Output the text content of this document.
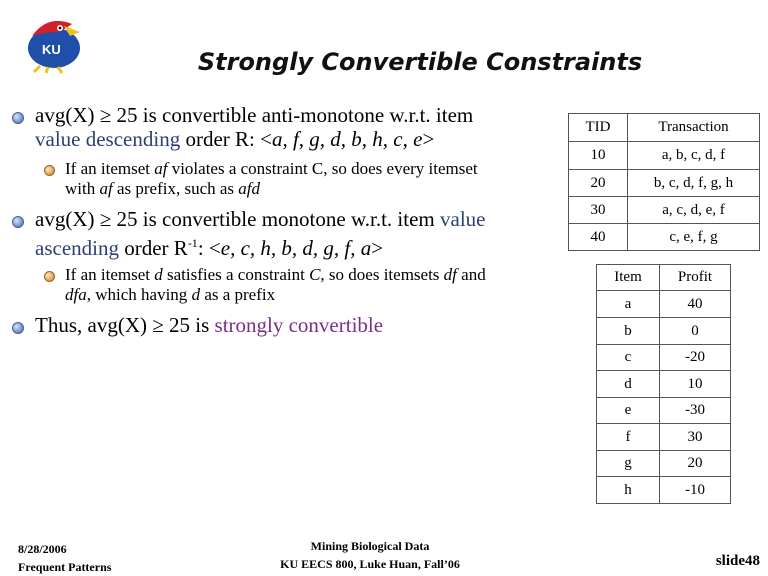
KU	Strongly Convertible Constraints
avg(X) ≥ 25 is convertible anti-monotone w.r.t. item
value descending order R: <a, f, g, d, b, h, c, e>
If an itemset af violates a constraint C, so does every itemset
with af as prefix, such as afd
avg(X) ≥ 25 is convertible monotone w.r.t. item value
ascending order $R^{-1}$: <e, c, h, b, d, g, f, a>
If an itemset d satisfies a constraint C, so does itemsets df and
dfa, which having d as a prefix
Thus, avg(X) ≥ 25 is strongly convertible
TID	Transaction
10	a, b, c, d, f
20	b, c, d, f, g, h
30	a, c, d, e, f
40	c, e, f, g
Item	Profit
a	40
b	0
c	-20
d	10
e	-30
f	30
g	20
h	-10
8/28/2006
Frequent Patterns
Mining Biological Data
KU EECS 800, Luke Huan, Fall’06	slide48
